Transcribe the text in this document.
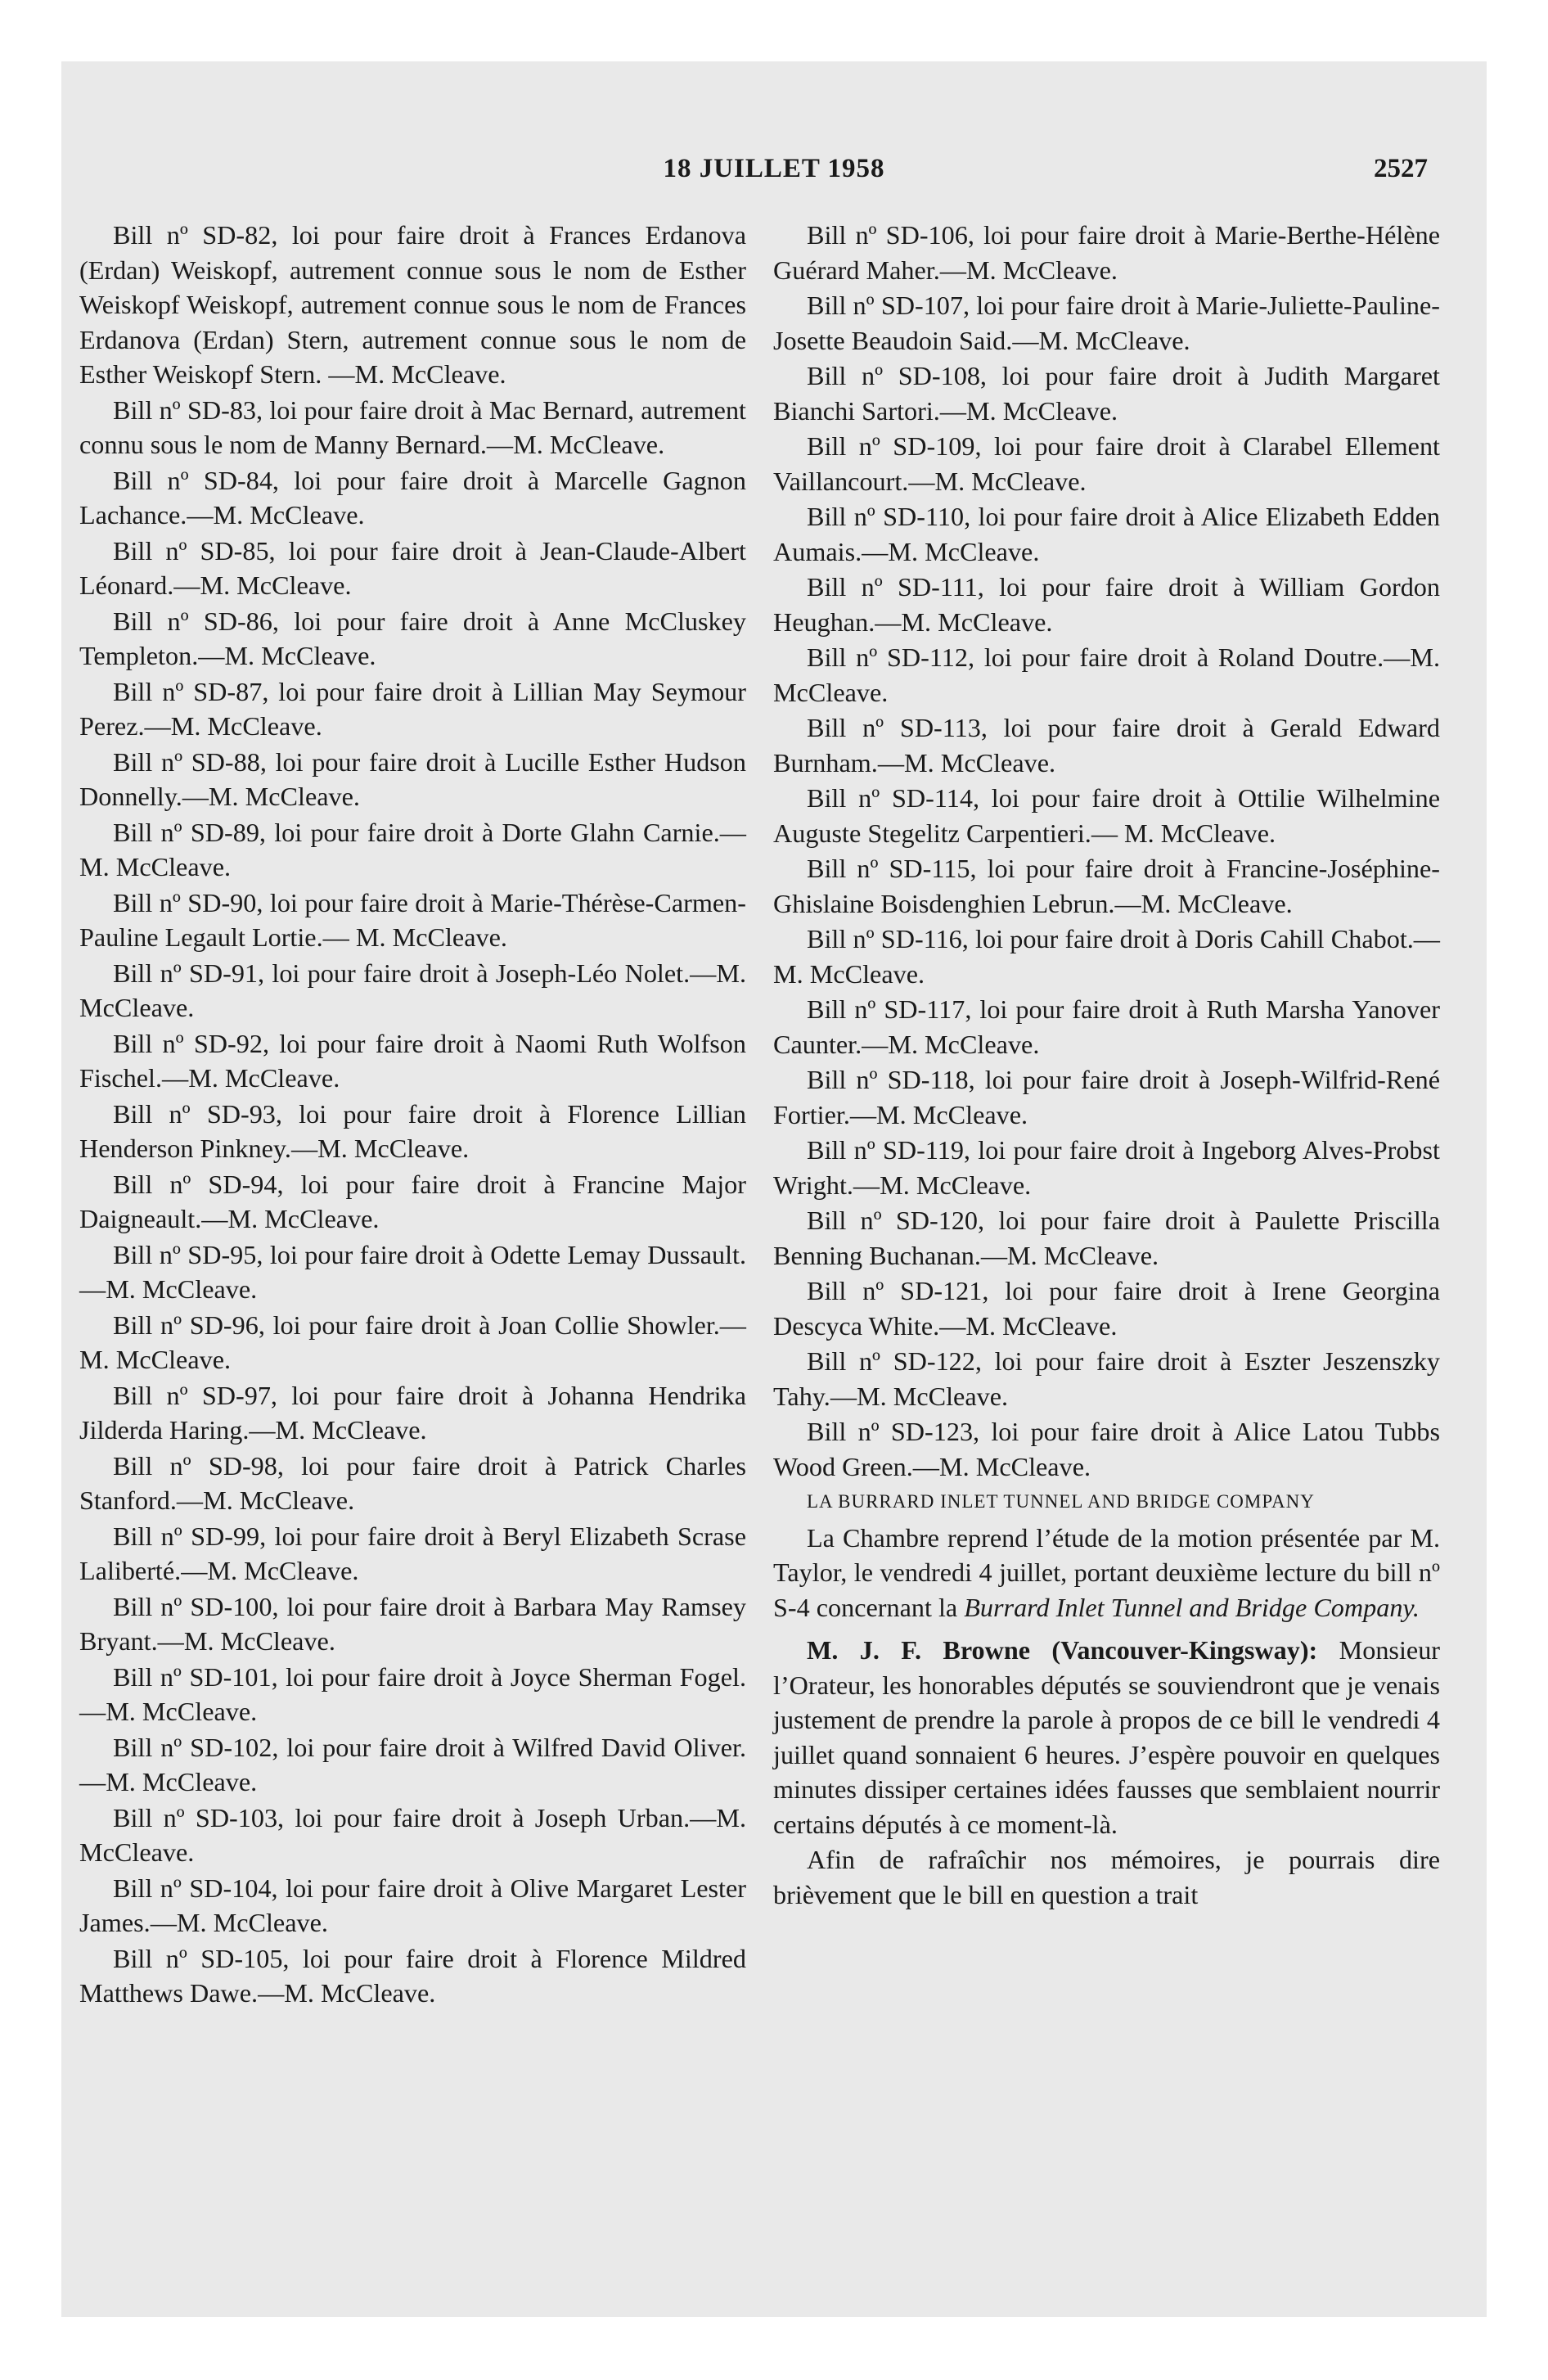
18 JUILLET 1958	2527

Bill nº SD-82, loi pour faire droit à Frances Erdanova (Erdan) Weiskopf, autrement connue sous le nom de Esther Weiskopf Weiskopf, autrement connue sous le nom de Frances Erdanova (Erdan) Stern, autrement connue sous le nom de Esther Weiskopf Stern. —M. McCleave.

Bill nº SD-83, loi pour faire droit à Mac Bernard, autrement connu sous le nom de Manny Bernard.—M. McCleave.

Bill nº SD-84, loi pour faire droit à Marcelle Gagnon Lachance.—M. McCleave.

Bill nº SD-85, loi pour faire droit à Jean-Claude-Albert Léonard.—M. McCleave.

Bill nº SD-86, loi pour faire droit à Anne McCluskey Templeton.—M. McCleave.

Bill nº SD-87, loi pour faire droit à Lillian May Seymour Perez.—M. McCleave.

Bill nº SD-88, loi pour faire droit à Lucille Esther Hudson Donnelly.—M. McCleave.

Bill nº SD-89, loi pour faire droit à Dorte Glahn Carnie.—M. McCleave.

Bill nº SD-90, loi pour faire droit à Marie-Thérèse-Carmen-Pauline Legault Lortie.— M. McCleave.

Bill nº SD-91, loi pour faire droit à Joseph-Léo Nolet.—M. McCleave.

Bill nº SD-92, loi pour faire droit à Naomi Ruth Wolfson Fischel.—M. McCleave.

Bill nº SD-93, loi pour faire droit à Florence Lillian Henderson Pinkney.—M. McCleave.

Bill nº SD-94, loi pour faire droit à Francine Major Daigneault.—M. McCleave.

Bill nº SD-95, loi pour faire droit à Odette Lemay Dussault.—M. McCleave.

Bill nº SD-96, loi pour faire droit à Joan Collie Showler.—M. McCleave.

Bill nº SD-97, loi pour faire droit à Johanna Hendrika Jilderda Haring.—M. McCleave.

Bill nº SD-98, loi pour faire droit à Patrick Charles Stanford.—M. McCleave.

Bill nº SD-99, loi pour faire droit à Beryl Elizabeth Scrase Laliberté.—M. McCleave.

Bill nº SD-100, loi pour faire droit à Barbara May Ramsey Bryant.—M. McCleave.

Bill nº SD-101, loi pour faire droit à Joyce Sherman Fogel.—M. McCleave.

Bill nº SD-102, loi pour faire droit à Wilfred David Oliver.—M. McCleave.

Bill nº SD-103, loi pour faire droit à Joseph Urban.—M. McCleave.

Bill nº SD-104, loi pour faire droit à Olive Margaret Lester James.—M. McCleave.

Bill nº SD-105, loi pour faire droit à Florence Mildred Matthews Dawe.—M. McCleave.

Bill nº SD-106, loi pour faire droit à Marie-Berthe-Hélène Guérard Maher.—M. McCleave.

Bill nº SD-107, loi pour faire droit à Marie-Juliette-Pauline-Josette Beaudoin Said.—M. McCleave.

Bill nº SD-108, loi pour faire droit à Judith Margaret Bianchi Sartori.—M. McCleave.

Bill nº SD-109, loi pour faire droit à Clarabel Ellement Vaillancourt.—M. McCleave.

Bill nº SD-110, loi pour faire droit à Alice Elizabeth Edden Aumais.—M. McCleave.

Bill nº SD-111, loi pour faire droit à William Gordon Heughan.—M. McCleave.

Bill nº SD-112, loi pour faire droit à Roland Doutre.—M. McCleave.

Bill nº SD-113, loi pour faire droit à Gerald Edward Burnham.—M. McCleave.

Bill nº SD-114, loi pour faire droit à Ottilie Wilhelmine Auguste Stegelitz Carpentieri.— M. McCleave.

Bill nº SD-115, loi pour faire droit à Francine-Joséphine-Ghislaine Boisdenghien Lebrun.—M. McCleave.

Bill nº SD-116, loi pour faire droit à Doris Cahill Chabot.—M. McCleave.

Bill nº SD-117, loi pour faire droit à Ruth Marsha Yanover Caunter.—M. McCleave.

Bill nº SD-118, loi pour faire droit à Joseph-Wilfrid-René Fortier.—M. McCleave.

Bill nº SD-119, loi pour faire droit à Ingeborg Alves-Probst Wright.—M. McCleave.

Bill nº SD-120, loi pour faire droit à Paulette Priscilla Benning Buchanan.—M. McCleave.

Bill nº SD-121, loi pour faire droit à Irene Georgina Descyca White.—M. McCleave.

Bill nº SD-122, loi pour faire droit à Eszter Jeszenszky Tahy.—M. McCleave.

Bill nº SD-123, loi pour faire droit à Alice Latou Tubbs Wood Green.—M. McCleave.

LA BURRARD INLET TUNNEL AND BRIDGE COMPANY

La Chambre reprend l’étude de la motion présentée par M. Taylor, le vendredi 4 juillet, portant deuxième lecture du bill nº S-4 concernant la Burrard Inlet Tunnel and Bridge Company.

M. J. F. Browne (Vancouver-Kingsway): Monsieur l’Orateur, les honorables députés se souviendront que je venais justement de prendre la parole à propos de ce bill le vendredi 4 juillet quand sonnaient 6 heures. J’espère pouvoir en quelques minutes dissiper certaines idées fausses que semblaient nourrir certains députés à ce moment-là.

Afin de rafraîchir nos mémoires, je pourrais dire brièvement que le bill en question a trait
